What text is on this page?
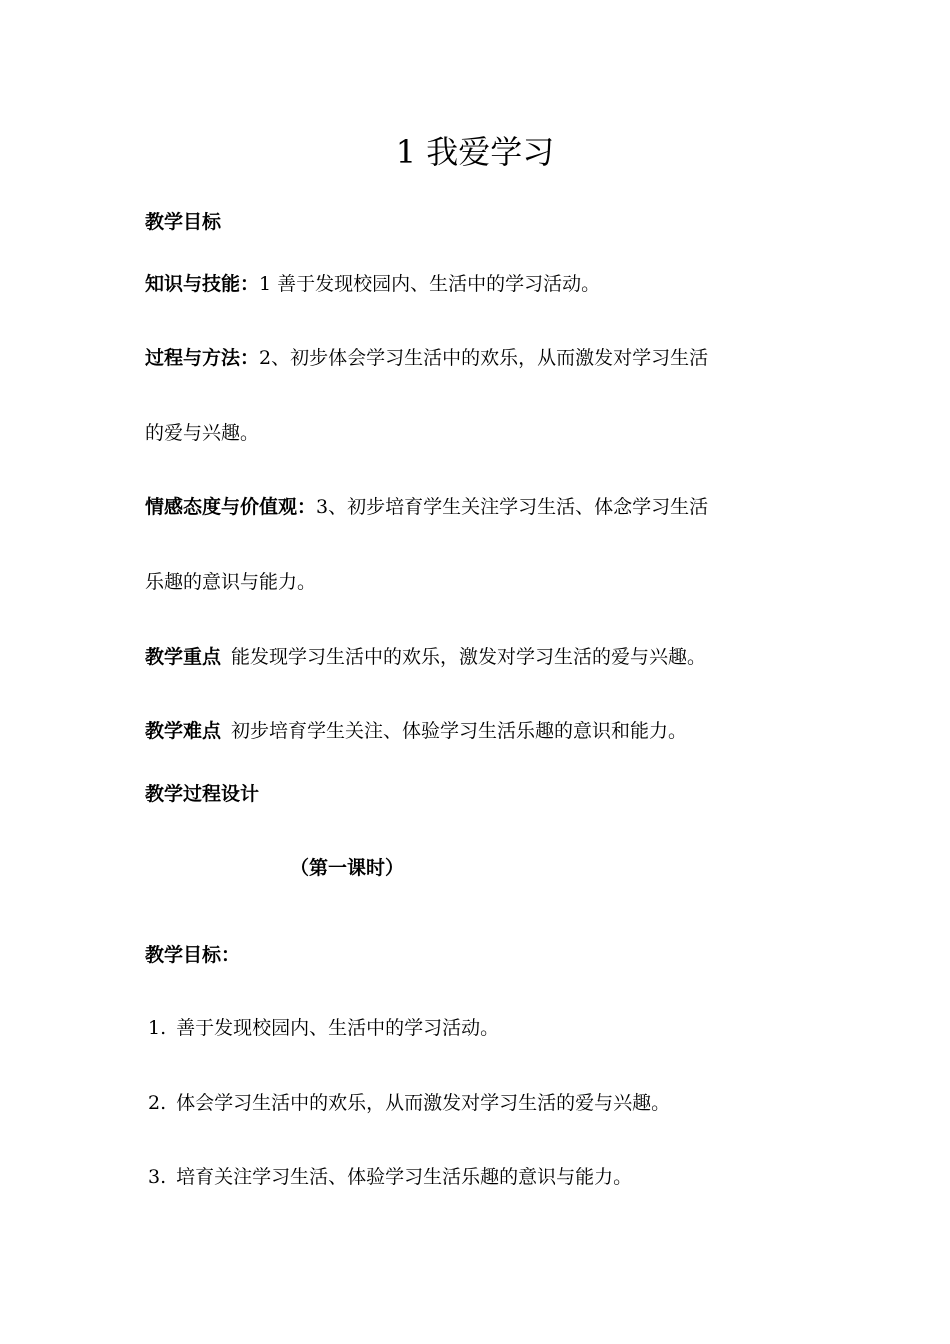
1 我爱学习
教学目标
知识与技能：1 善于发现校园内、生活中的学习活动。
过程与方法：2、初步体会学习生活中的欢乐，从而激发对学习生活
的爱与兴趣。
情感态度与价值观：3、初步培育学生关注学习生活、体念学习生活
乐趣的意识与能力。
教学重点 能发现学习生活中的欢乐，激发对学习生活的爱与兴趣。
教学难点 初步培育学生关注、体验学习生活乐趣的意识和能力。
教学过程设计
（第一课时）
教学目标：
1. 善于发现校园内、生活中的学习活动。
2. 体会学习生活中的欢乐，从而激发对学习生活的爱与兴趣。
3. 培育关注学习生活、体验学习生活乐趣的意识与能力。
